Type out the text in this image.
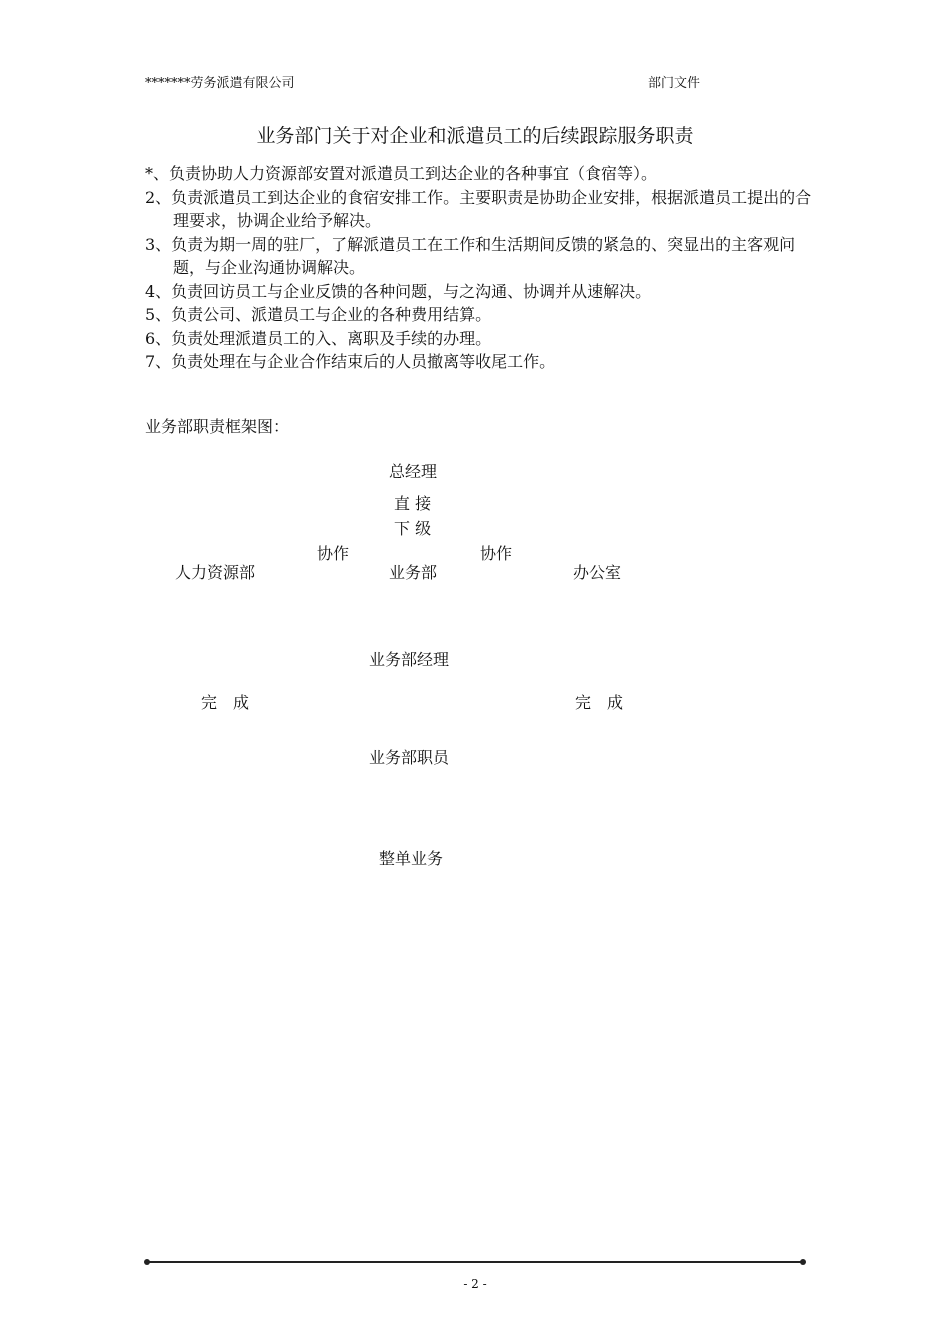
*******劳务派遣有限公司	部门文件
业务部门关于对企业和派遣员工的后续跟踪服务职责
*、负责协助人力资源部安置对派遣员工到达企业的各种事宜（食宿等）。
2、负责派遣员工到达企业的食宿安排工作。主要职责是协助企业安排，根据派遣员工提出的合理要求，协调企业给予解决。
3、负责为期一周的驻厂，了解派遣员工在工作和生活期间反馈的紧急的、突显出的主客观问题，与企业沟通协调解决。
4、负责回访员工与企业反馈的各种问题，与之沟通、协调并从速解决。
5、负责公司、派遣员工与企业的各种费用结算。
6、负责处理派遣员工的入、离职及手续的办理。
7、负责处理在与企业合作结束后的人员撤离等收尾工作。
业务部职责框架图：
总经理
直 接
下 级
协作	协作
人力资源部	业务部	办公室
业务部经理
完　成	完　成
业务部职员
整单业务
- 2 -
